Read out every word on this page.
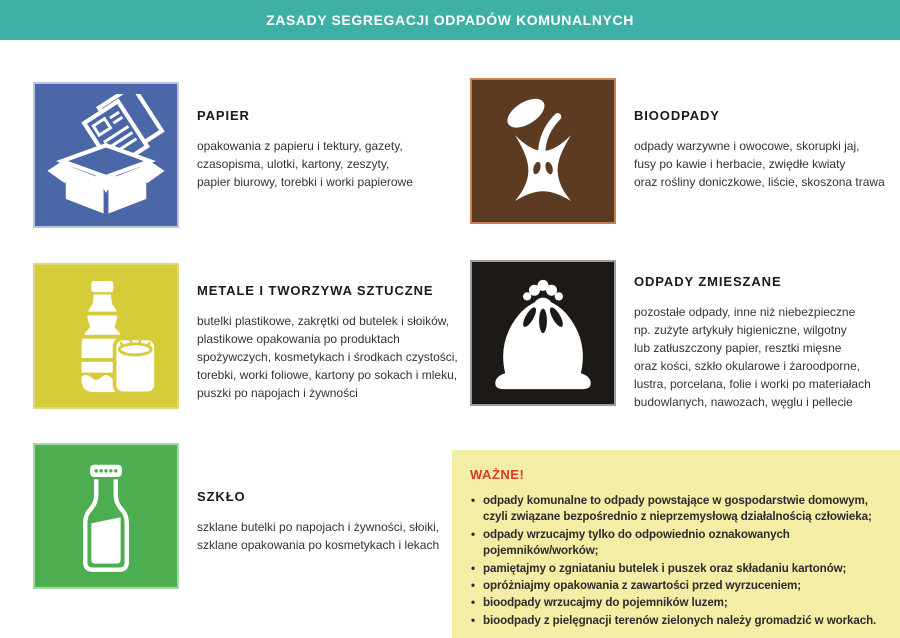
ZASADY SEGREGACJI ODPADÓW KOMUNALNYCH
PAPIER
opakowania z papieru i tektury, gazety,
czasopisma, ulotki, kartony, zeszyty,
papier biurowy, torebki i worki papierowe
BIOODPADY
odpady warzywne i owocowe, skorupki jaj,
fusy po kawie i herbacie, zwiędłe kwiaty
oraz rośliny doniczkowe, liście, skoszona trawa
METALE I TWORZYWA SZTUCZNE
butelki plastikowe, zakrętki od butelek i słoików,
plastikowe opakowania po produktach
spożywczych, kosmetykach i środkach czystości,
torebki, worki foliowe, kartony po sokach i mleku,
puszki po napojach i żywności
ODPADY ZMIESZANE
pozostałe odpady, inne niż niebezpieczne
np. zużyte artykuły higieniczne, wilgotny
lub zatłuszczony papier, resztki mięsne
oraz kości, szkło okularowe i żaroodporne,
lustra, porcelana, folie i worki po materiałach
budowlanych, nawozach, węglu i pellecie
SZKŁO
szklane butelki po napojach i żywności, słoiki,
szklane opakowania po kosmetykach i lekach
WAŻNE!
• odpady komunalne to odpady powstające w gospodarstwie domowym, czyli związane bezpośrednio z nieprzemysłową działalnością człowieka;
• odpady wrzucajmy tylko do odpowiednio oznakowanych pojemników/worków;
• pamiętajmy o zgniataniu butelek i puszek oraz składaniu kartonów;
• opróżniajmy opakowania z zawartości przed wyrzuceniem;
• bioodpady wrzucajmy do pojemników luzem;
• bioodpady z pielęgnacji terenów zielonych należy gromadzić w workach.
